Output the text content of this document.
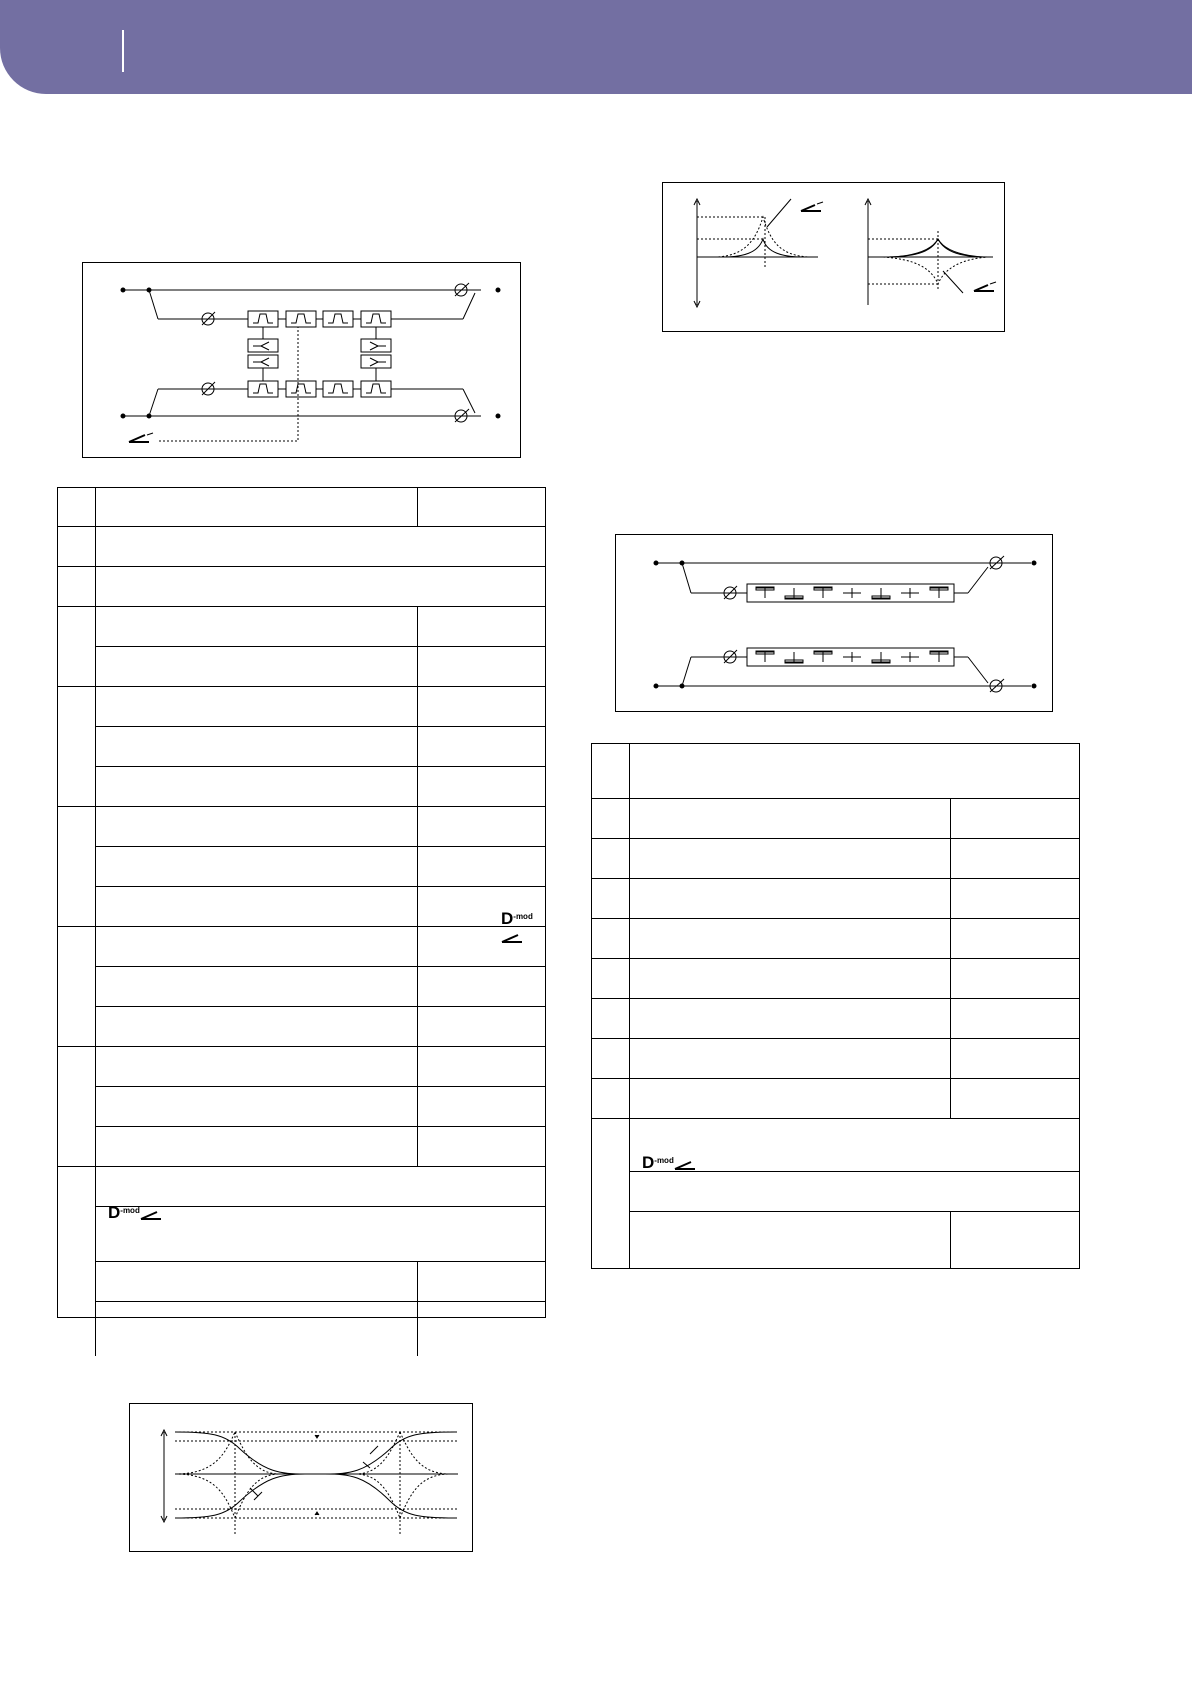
$D^{-mod}$
$D^{-mod}$
$D^{-mod}$
